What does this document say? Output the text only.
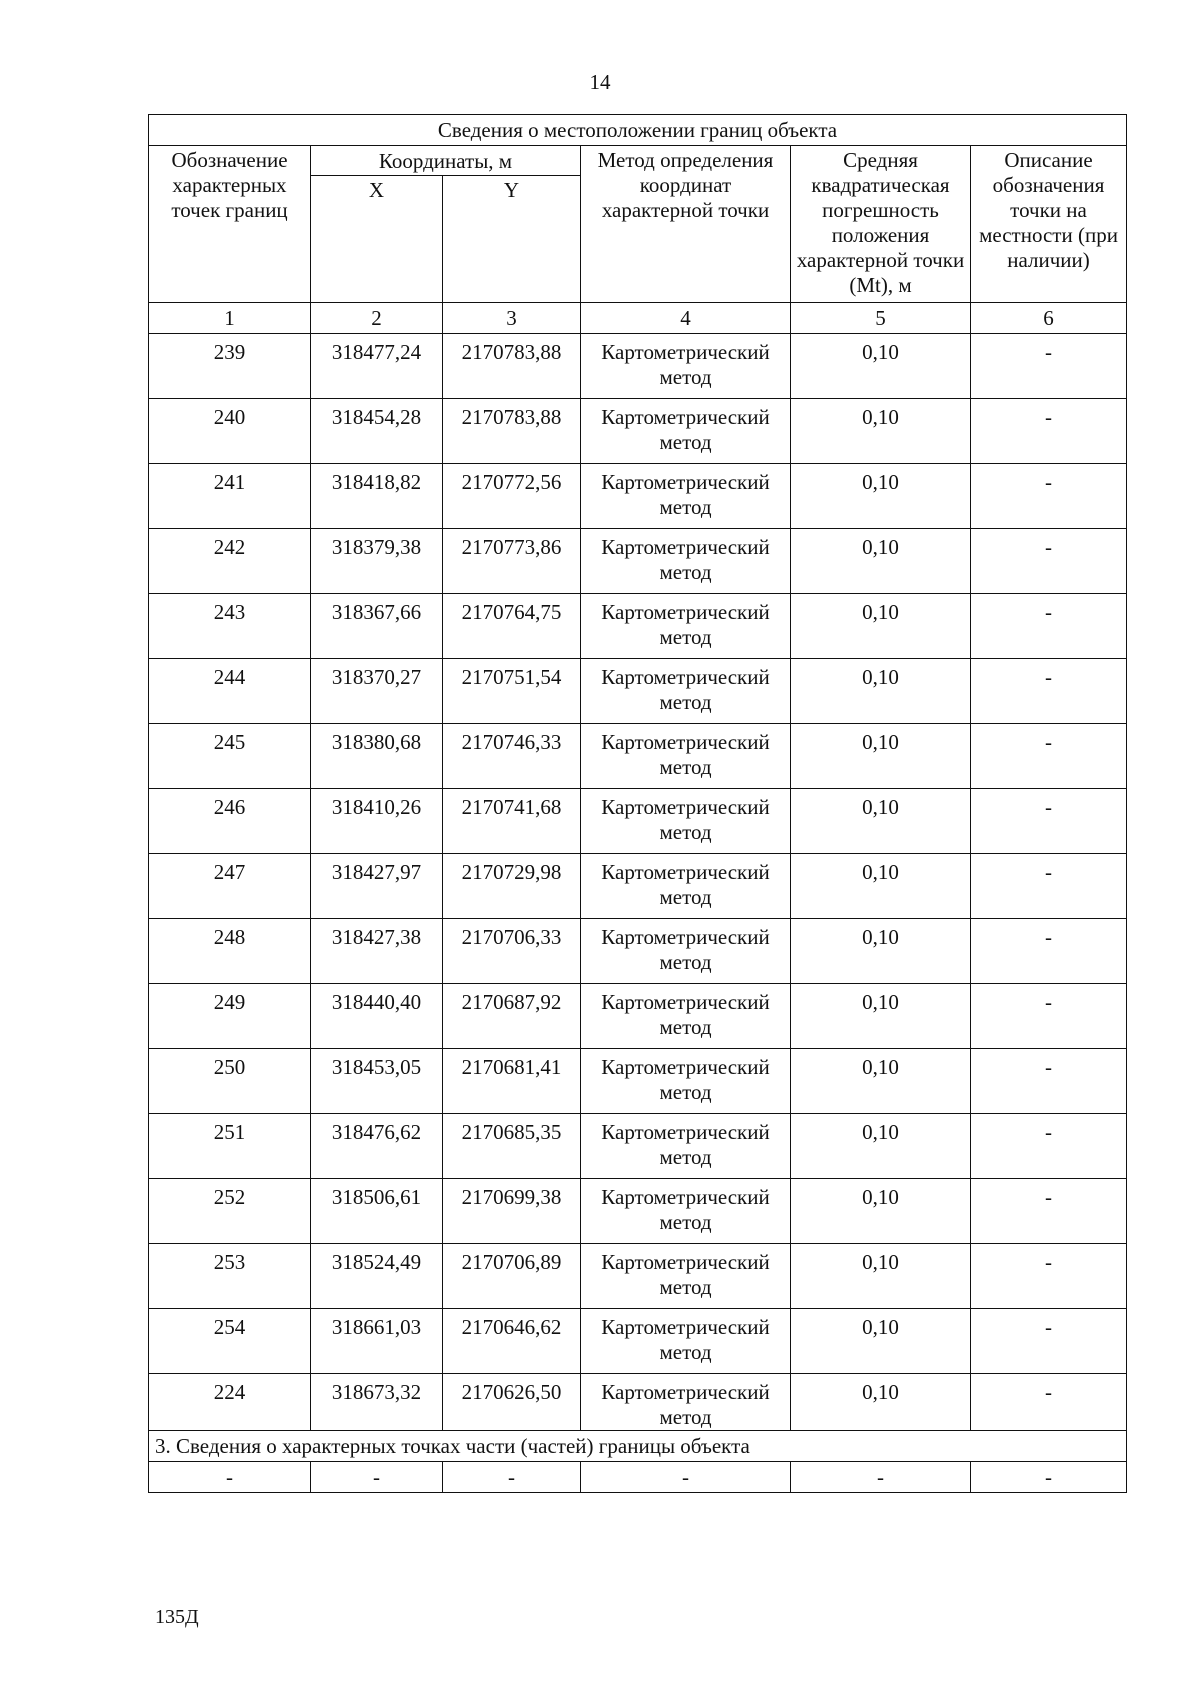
14
Сведения о местоположении границ объекта					
Обозначение характерных точек границ	Координаты, м		Метод определения координат характерной точки	Средняя квадратическая погрешность положения характерной точки (Mt), м	Описание обозначения точки на местности (при наличии)
	X	Y			
1	2	3	4	5	6
239	318477,24	2170783,88	Картометрический метод	0,10	-
240	318454,28	2170783,88	Картометрический метод	0,10	-
241	318418,82	2170772,56	Картометрический метод	0,10	-
242	318379,38	2170773,86	Картометрический метод	0,10	-
243	318367,66	2170764,75	Картометрический метод	0,10	-
244	318370,27	2170751,54	Картометрический метод	0,10	-
245	318380,68	2170746,33	Картометрический метод	0,10	-
246	318410,26	2170741,68	Картометрический метод	0,10	-
247	318427,97	2170729,98	Картометрический метод	0,10	-
248	318427,38	2170706,33	Картометрический метод	0,10	-
249	318440,40	2170687,92	Картометрический метод	0,10	-
250	318453,05	2170681,41	Картометрический метод	0,10	-
251	318476,62	2170685,35	Картометрический метод	0,10	-
252	318506,61	2170699,38	Картометрический метод	0,10	-
253	318524,49	2170706,89	Картометрический метод	0,10	-
254	318661,03	2170646,62	Картометрический метод	0,10	-
224	318673,32	2170626,50	Картометрический метод	0,10	-
3. Сведения о характерных точках части (частей) границы объекта					
-	-	-	-	-	-
135Д
